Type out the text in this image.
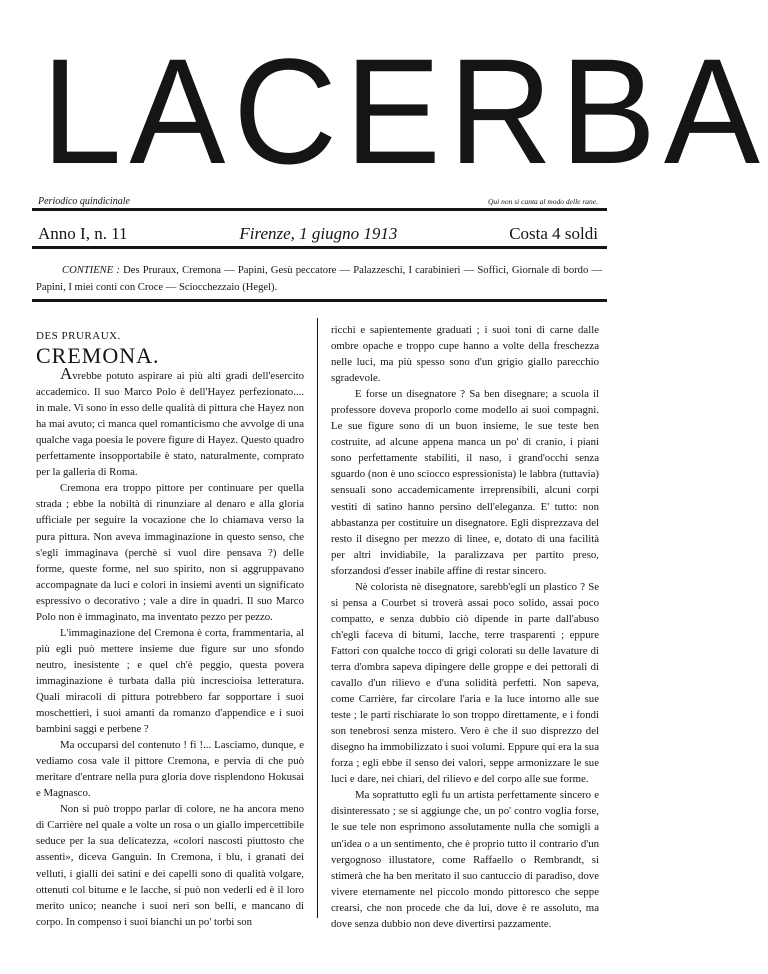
LACERBA
Periodico quindicinale	Qui non si canta al modo delle rane.
Anno I, n. 11	Firenze, 1 giugno 1913	Costa 4 soldi
CONTIENE : Des Pruraux, Cremona — Papini, Gesù peccatore — Palazzeschi, I carabinieri — Soffici, Giornale di bordo — Papini, I miei conti con Croce — Sciocchezzaio (Hegel).

DES PRURAUX.

CREMONA.

Avrebbe potuto aspirare ai più alti gradi dell'esercito accademico. Il suo Marco Polo è dell'Hayez perfezionato.... in male. Vi sono in esso delle qualità di pittura che Hayez non ha mai avuto; ci manca quel romanticismo che avvolge di una qualche vaga poesia le povere figure di Hayez. Questo quadro perfettamente insopportabile è stato, naturalmente, comprato per la galleria di Roma.

Cremona era troppo pittore per continuare per quella strada ; ebbe la nobiltà di rinunziare al denaro e alla gloria ufficiale per seguire la vocazione che lo chiamava verso la pura pittura. Non aveva immaginazione in questo senso, che s'egli immaginava (perchè si vuol dire pensava ?) delle forme, queste forme, nel suo spirito, non si aggruppavano accompagnate da luci e colori in insiemi aventi un significato espressivo o decorativo ; vale a dire in quadri. Il suo Marco Polo non è immaginato, ma inventato pezzo per pezzo.

L'immaginazione del Cremona è corta, frammentaria, al più egli può mettere insieme due figure sur uno sfondo neutro, inesistente ; e quel ch'è peggio, questa povera immaginazione è turbata dalla più increscioisa letteratura. Quali miracoli di pittura potrebbero far sopportare i suoi moschettieri, i suoi amanti da romanzo d'appendice e i suoi bambini saggi e perbene ?

Ma occuparsi del contenuto ! fi !... Lasciamo, dunque, e vediamo cosa vale il pittore Cremona, e pervia di che può meritare d'entrare nella pura gloria dove risplendono Hokusai e Magnasco.

Non si può troppo parlar di colore, ne ha ancora meno di Carrière nel quale a volte un rosa o un giallo impercettibile seduce per la sua delicatezza, «colori nascosti piuttosto che assenti», diceva Ganguin. In Cremona, i blu, i granati dei velluti, i gialli dei satini e dei capelli sono di qualità volgare, ottenuti col bitume e le lacche, si può non vederli ed è il loro merito unico; neanche i suoi neri son belli, e mancano di corpo. In compenso i suoi bianchi un po' torbi son

ricchi e sapientemente graduati ; i suoi toni di carne dalle ombre opache e troppo cupe hanno a volte della freschezza nelle luci, ma più spesso sono d'un grigio giallo parecchio sgradevole.

E forse un disegnatore ? Sa ben disegnare; a scuola il professore doveva proporlo come modello ai suoi compagni. Le sue figure sono di un buon insieme, le sue teste ben costruite, ad alcune appena manca un po' di cranio, i piani sono perfettamente stabiliti, il naso, i grand'occhi senza sguardo (non è uno sciocco espressionista) le labbra (tuttavia) sensuali sono accademicamente irreprensibili, alcuni corpi vestiti di satino hanno persino dell'eleganza. E' tutto: non abbastanza per costituire un disegnatore. Egli disprezzava del resto il disegno per mezzo di linee, e, dotato di una facilità per altri invidiabile, la paralizzava per partito preso, sforzandosi d'esser inabile affine di restar sincero.

Nè colorista nè disegnatore, sarebb'egli un plastico ? Se si pensa a Courbet si troverà assai poco solido, assai poco compatto, e senza dubbio ciò dipende in parte dall'abuso ch'egli faceva di bitumi, lacche, terre trasparenti ; eppure Fattori con qualche tocco di grigi colorati su delle lavature di terra d'ombra sapeva dipingere delle groppe e dei pettorali di cavallo d'un rilievo e d'una solidità perfetti. Non sapeva, come Carrière, far circolare l'aria e la luce intorno alle sue teste ; le parti rischiarate lo son troppo direttamente, e i fondi son tenebrosi senza mistero. Vero è che il suo disprezzo del disegno ha immobilizzato i suoi volumi. Eppure qui era la sua forza ; egli ebbe il senso dei valori, seppe armonizzare le sue luci e dare, nei chiari, del rilievo e del corpo alle sue forme.

Ma soprattutto egli fu un artista perfettamente sincero e disinteressato ; se si aggiunge che, un po' contro voglia forse, le sue tele non esprimono assolutamente nulla che somigli a un'idea o a un sentimento, che è proprio tutto il contrario d'un vergognoso illustatore, come Raffaello o Rembrandt, si stimerà che ha ben meritato il suo cantuccio di paradiso, dove vivere eternamente nel piccolo mondo pittoresco che seppe crearsi, che non procede che da lui, dove è re assoluto, ma dove senza dubbio non deve divertirsi pazzamente.
